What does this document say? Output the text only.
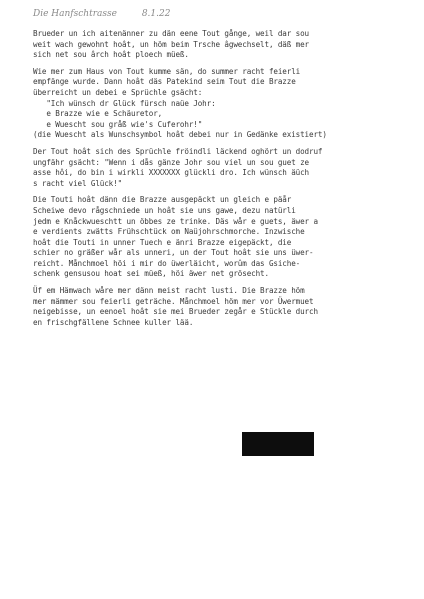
Die Hanfschtrasse	8.1.22
Brueder un ich aitenänner zu dän eene Tout gånge, weil dar sou
weit wach gewohnt hoât, un höm beim Trsche âgwechselt, däß mer
sich net sou ârch hoât ploech müeß.
Wie mer zum Haus von Tout kumme sän, do summer racht feierli
empfänge wurde. Dann hoât däs Patekind seim Tout die Brazze
überreicht un debei e Sprüchle gsächt:
"Ich wünsch dr Glück fürsch naüe Johr:
e Brazze wie e Schäuretor,
e Wuescht sou gråß wie's Cuferohr!"
(die Wuescht als Wunschsymbol hoât debei nur in Gedänke existiert)
Der Tout hoât sich des Sprüchle fröindli läckend oghört un dodruf
ungfähr gsächt: "Wenn i dås gänze Johr sou viel un sou guet ze
asse hôi, do bin i wirkli XXXXXXX glückli dro. Ich wünsch äüch
s racht viel Glück!"
Die Touti hoât dänn die Brazze ausgepäckt un gleich e päår
Scheiwe devo rågschniede un hoât sie uns gawe, dezu natürli
jedm e Knåckwueschtt un öbbes ze trinke. Däs wår e guets, äwer a
e verdients zwätts Frühschtück om Naüjohrschmorche. Inzwische
hoât die Touti in unner Tuech e änri Brazze eigepäckt, die
schier no gräßer wår als unneri, un der Tout hoât sie uns üwer-
reicht. Månchmoel höi i mir do üwerläicht, worûm das Gsiche-
schenk gensusou hoat sei müeß, höi äwer net grösecht.
Üf em Hämwach wåre mer dänn meist racht lusti. Die Brazze höm
mer mämmer sou feierli geträche. Månchmoel höm mer vor Üwermuet
neigebisse, un eenoel hoât sie mei Brueder zegår e Stückle durch
en frischgfällene Schnee kuller lää.
